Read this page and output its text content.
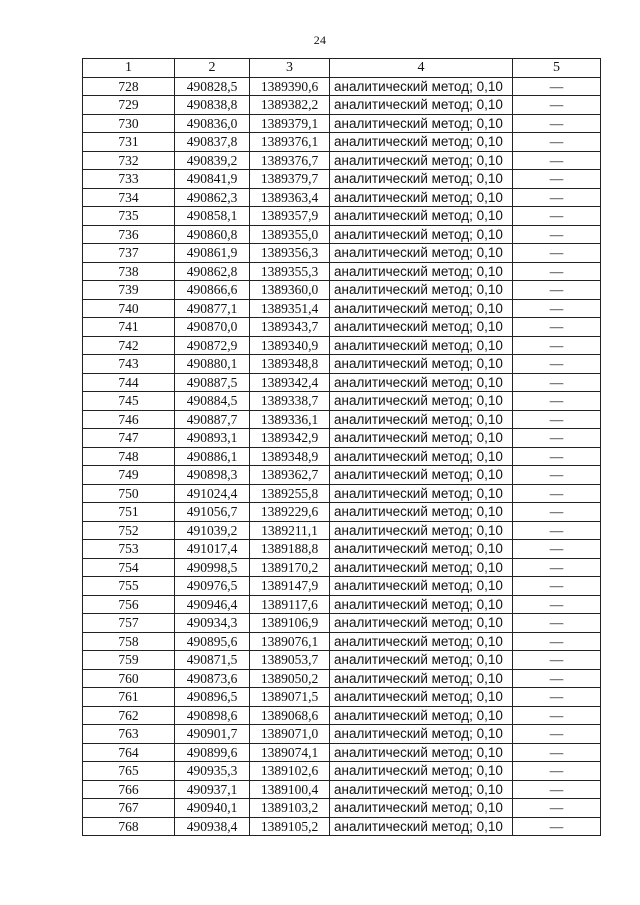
24
1	2	3	4	5
728	490828,5	1389390,6	аналитический метод; 0,10	—
729	490838,8	1389382,2	аналитический метод; 0,10	—
730	490836,0	1389379,1	аналитический метод; 0,10	—
731	490837,8	1389376,1	аналитический метод; 0,10	—
732	490839,2	1389376,7	аналитический метод; 0,10	—
733	490841,9	1389379,7	аналитический метод; 0,10	—
734	490862,3	1389363,4	аналитический метод; 0,10	—
735	490858,1	1389357,9	аналитический метод; 0,10	—
736	490860,8	1389355,0	аналитический метод; 0,10	—
737	490861,9	1389356,3	аналитический метод; 0,10	—
738	490862,8	1389355,3	аналитический метод; 0,10	—
739	490866,6	1389360,0	аналитический метод; 0,10	—
740	490877,1	1389351,4	аналитический метод; 0,10	—
741	490870,0	1389343,7	аналитический метод; 0,10	—
742	490872,9	1389340,9	аналитический метод; 0,10	—
743	490880,1	1389348,8	аналитический метод; 0,10	—
744	490887,5	1389342,4	аналитический метод; 0,10	—
745	490884,5	1389338,7	аналитический метод; 0,10	—
746	490887,7	1389336,1	аналитический метод; 0,10	—
747	490893,1	1389342,9	аналитический метод; 0,10	—
748	490886,1	1389348,9	аналитический метод; 0,10	—
749	490898,3	1389362,7	аналитический метод; 0,10	—
750	491024,4	1389255,8	аналитический метод; 0,10	—
751	491056,7	1389229,6	аналитический метод; 0,10	—
752	491039,2	1389211,1	аналитический метод; 0,10	—
753	491017,4	1389188,8	аналитический метод; 0,10	—
754	490998,5	1389170,2	аналитический метод; 0,10	—
755	490976,5	1389147,9	аналитический метод; 0,10	—
756	490946,4	1389117,6	аналитический метод; 0,10	—
757	490934,3	1389106,9	аналитический метод; 0,10	—
758	490895,6	1389076,1	аналитический метод; 0,10	—
759	490871,5	1389053,7	аналитический метод; 0,10	—
760	490873,6	1389050,2	аналитический метод; 0,10	—
761	490896,5	1389071,5	аналитический метод; 0,10	—
762	490898,6	1389068,6	аналитический метод; 0,10	—
763	490901,7	1389071,0	аналитический метод; 0,10	—
764	490899,6	1389074,1	аналитический метод; 0,10	—
765	490935,3	1389102,6	аналитический метод; 0,10	—
766	490937,1	1389100,4	аналитический метод; 0,10	—
767	490940,1	1389103,2	аналитический метод; 0,10	—
768	490938,4	1389105,2	аналитический метод; 0,10	—
